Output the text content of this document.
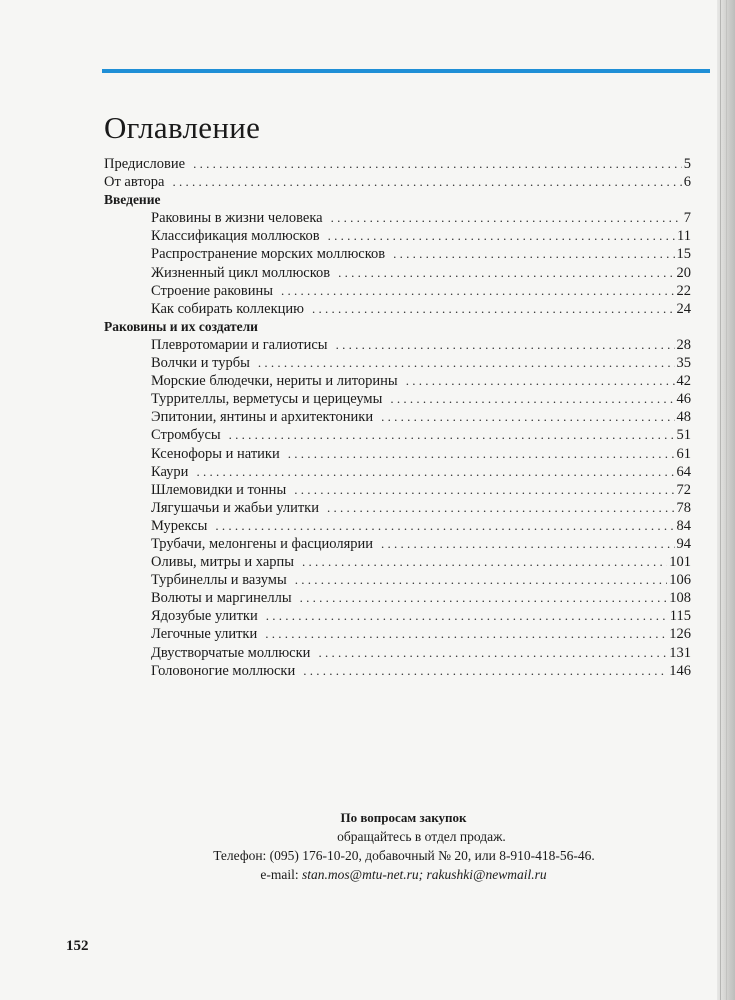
Оглавление
Предисловие . . .	5
От автора . . .	6
Введение
Раковины в жизни человека . . .	7
Классификация моллюсков . . .	11
Распространение морских моллюсков . . .	15
Жизненный цикл моллюсков . . .	20
Строение раковины . . .	22
Как собирать коллекцию . . .	24
Раковины и их создатели
Плевротомарии и галиотисы . . .	28
Волчки и турбы . . .	35
Морские блюдечки, нериты и литорины . . .	42
Туррителлы, верметусы и церицеумы . . .	46
Эпитонии, янтины и архитектоники . . .	48
Стромбусы . . .	51
Ксенофоры и натики . . .	61
Каури . . .	64
Шлемовидки и тонны . . .	72
Лягушачьи и жабьи улитки . . .	78
Мурексы . . .	84
Трубачи, мелонгены и фасциолярии . . .	94
Оливы, митры и харпы . . .	101
Турбинеллы и вазумы . . .	106
Волюты и маргинеллы . . .	108
Ядозубые улитки . . .	115
Легочные улитки . . .	126
Двустворчатые моллюски . . .	131
Головоногие моллюски . . .	146
По вопросам закупок
обращайтесь в отдел продаж.
Телефон: (095) 176-10-20, добавочный № 20, или 8-910-418-56-46.
e-mail: stan.mos@mtu-net.ru; rakushki@newmail.ru
152
